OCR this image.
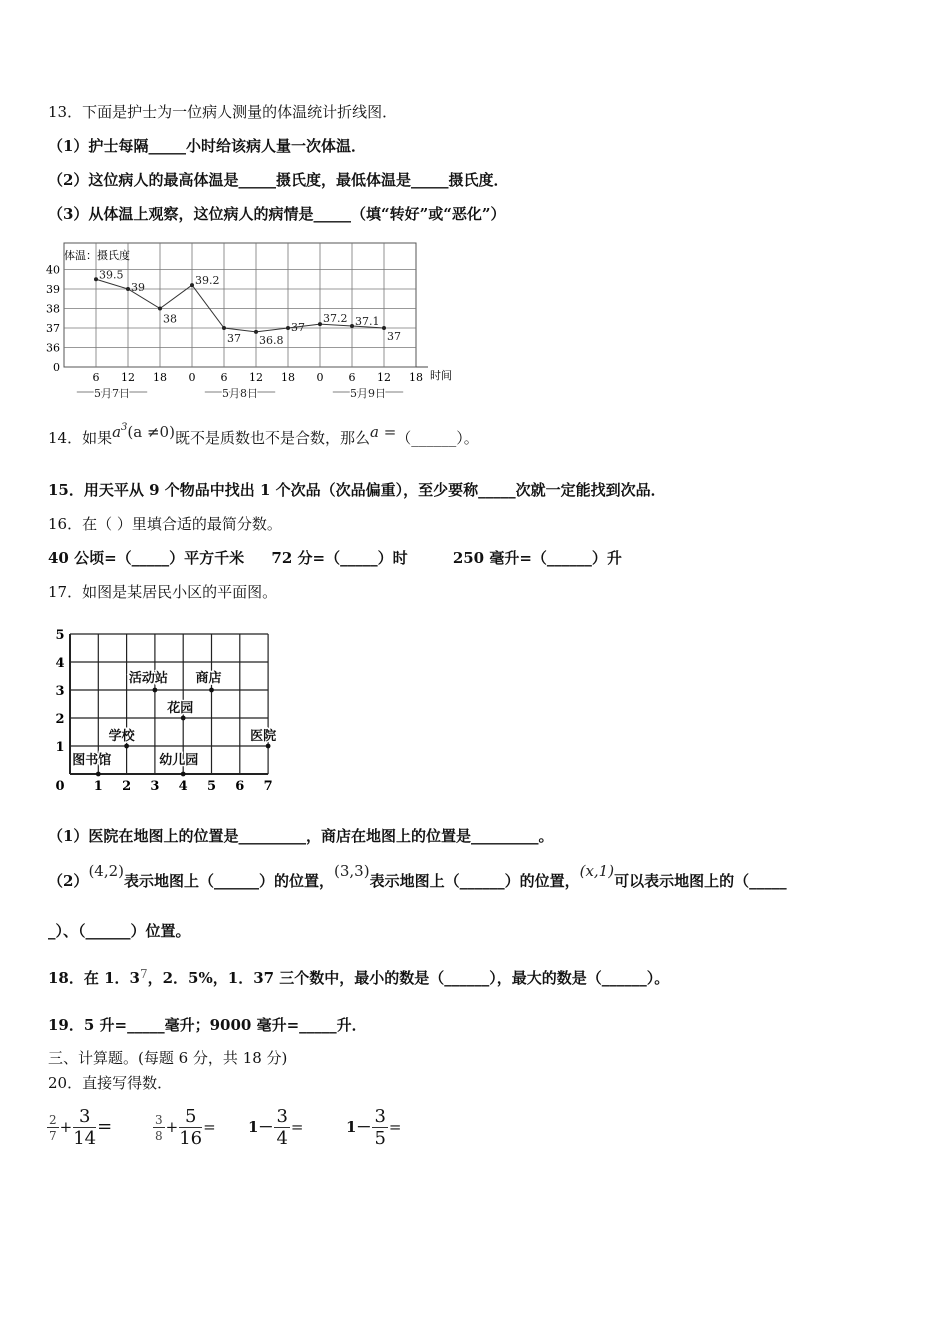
13．下面是护士为一位病人测量的体温统计折线图．
（1）护士每隔_____小时给该病人量一次体温．
（2）这位病人的最高体温是_____摄氏度，最低体温是_____摄氏度．
（3）从体温上观察，这位病人的病情是_____（填“转好”或“恶化”）
0
36
37
38
39
40
6 12 18 0 6 12 18 0 6 12 18
5月7日	5月8日	5月9日
39.5
39
38
39.2
37 36.8
37
37.2 37.1
37
体温：摄氏度
时间
14．如果$a^3(a \ne 0)$既不是质数也不是合数，那么a =（______）。
15．用天平从 9 个物品中找出 1 个次品（次品偏重），至少要称_____次就一定能找到次品．
16．在（ ）里填合适的最简分数。
40 公顷=（_____）平方千米 72 分=（_____）时	250 毫升=（______）升
17．如图是某居民小区的平面图。
1
2
3
4
5
0 1 2 3 4 5 6 7
活动站 商店
花园
学校	医院
图书馆	幼儿园
（1）医院在地图上的位置是_________，商店在地图上的位置是_________。
（2）(4,2)表示地图上（______）的位置，(3,3)表示地图上（______）的位置，(x,1)可以表示地图上的（_____
_）、（______）位置。
18．在 1．$3^7$，2．5%，1．37 三个数中，最小的数是（______），最大的数是（______）。
19．5 升=_____毫升；9000 毫升=_____升．
三、计算题。(每题 6 分，共 18 分)
20．直接写得数．
$\frac{2}{7} + \frac{3}{14}$ =	$\frac{3}{8} + \frac{5}{16} = 1- \frac{3}{4}$ =	$1- \frac{3}{5}$ =
